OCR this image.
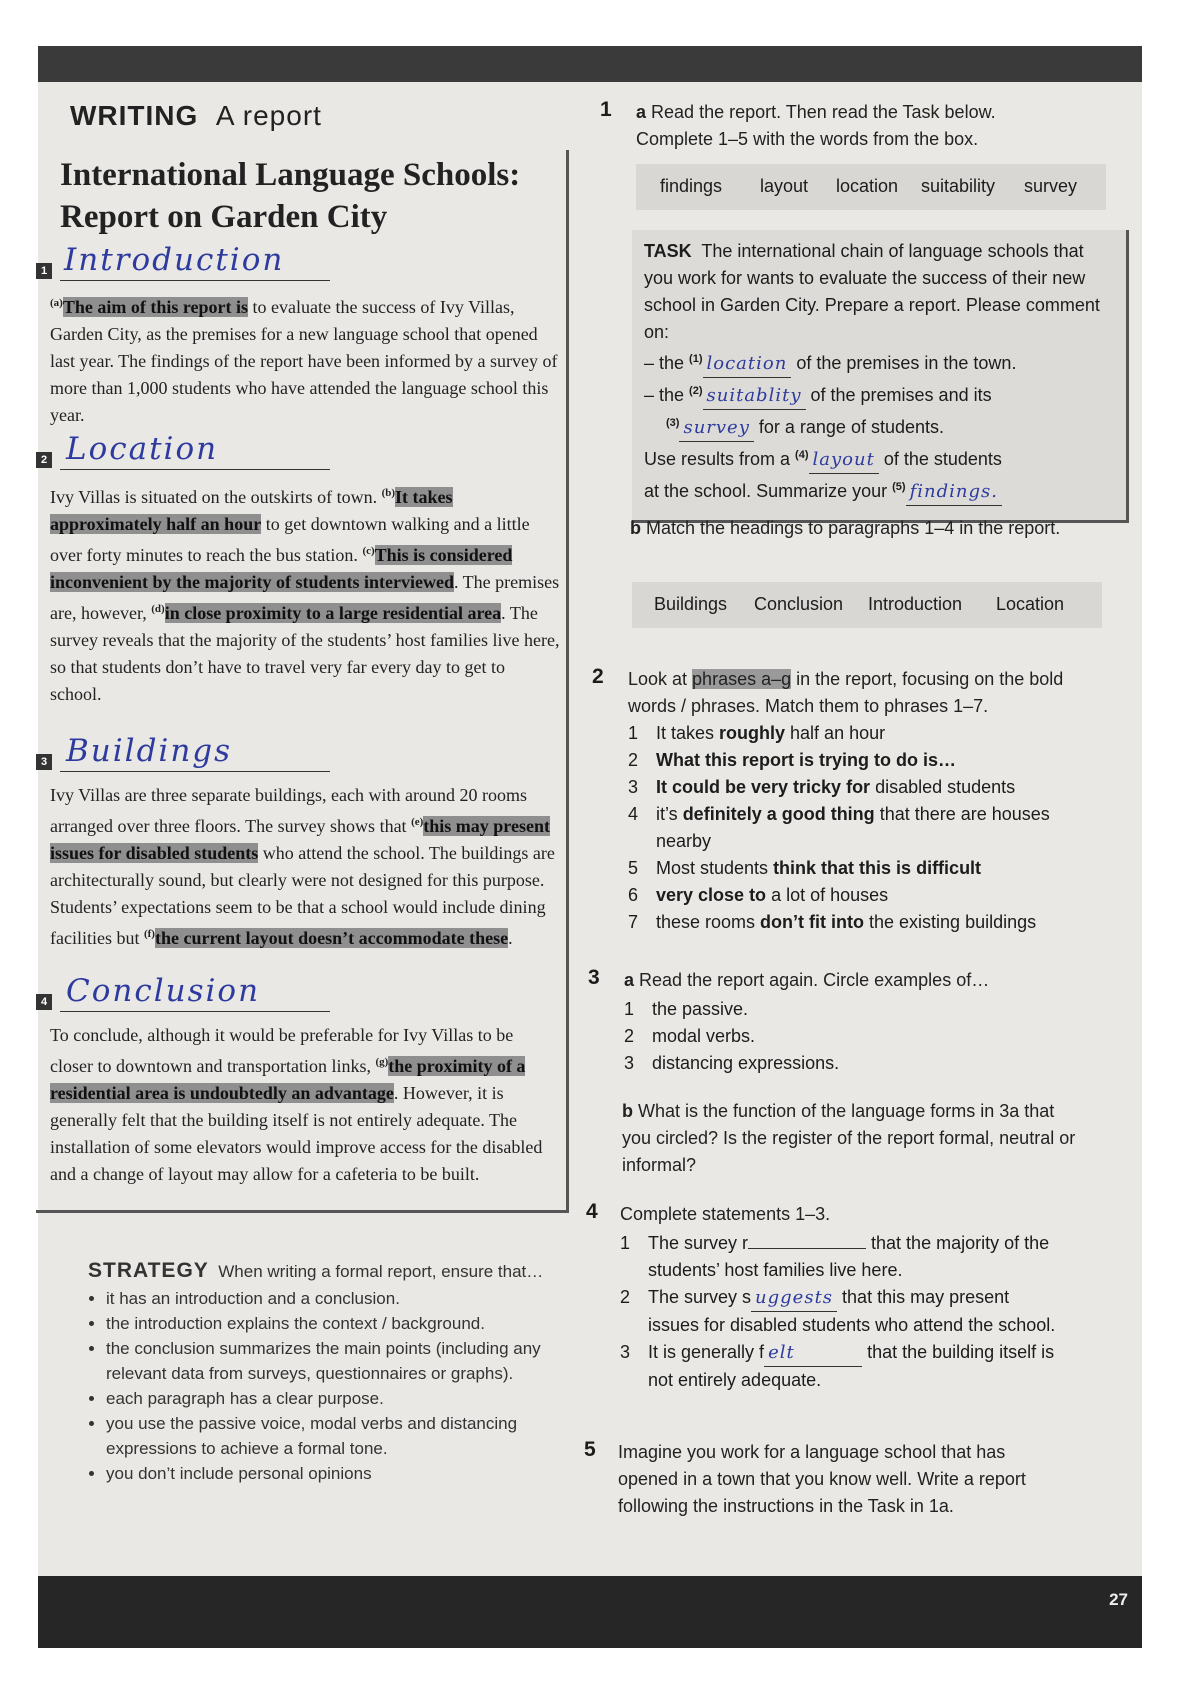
WRITING A report
International Language Schools:
Report on Garden City
1 Introduction
$^{(a)}$The aim of this report is to evaluate the success of Ivy Villas, Garden City, as the premises for a new language school that opened last year. The findings of the report have been informed by a survey of more than 1,000 students who have attended the language school this year.
2 Location
Ivy Villas is situated on the outskirts of town. $^{(b)}$It takes approximately half an hour to get downtown walking and a little over forty minutes to reach the bus station. $^{(c)}$This is considered inconvenient by the majority of students interviewed. The premises are, however, $^{(d)}$in close proximity to a large residential area. The survey reveals that the majority of the students’ host families live here, so that students don’t have to travel very far every day to get to school.
3 Buildings
Ivy Villas are three separate buildings, each with around 20 rooms arranged over three floors. The survey shows that $^{(e)}$this may present issues for disabled students who attend the school. The buildings are architecturally sound, but clearly were not designed for this purpose. Students’ expectations seem to be that a school would include dining facilities but $^{(f)}$the current layout doesn’t accommodate these.
4 Conclusion
To conclude, although it would be preferable for Ivy Villas to be closer to downtown and transportation links, $^{(g)}$the proximity of a residential area is undoubtedly an advantage. However, it is generally felt that the building itself is not entirely adequate. The installation of some elevators would improve access for the disabled and a change of layout may allow for a cafeteria to be built.
STRATEGY When writing a formal report, ensure that…
• it has an introduction and a conclusion.
• the introduction explains the context / background.
• the conclusion summarizes the main points (including any relevant data from surveys, questionnaires or graphs).
• each paragraph has a clear purpose.
• you use the passive voice, modal verbs and distancing expressions to achieve a formal tone.
• you don’t include personal opinions
1 a Read the report. Then read the Task below. Complete 1–5 with the words from the box.
findings layout location suitability survey
TASK The international chain of language schools that you work for wants to evaluate the success of their new school in Garden City. Prepare a report. Please comment on:
– the $^{(1)}$ location of the premises in the town.
– the $^{(2)}$ suitablity of the premises and its
$^{(3)}$ survey for a range of students.
Use results from a $^{(4)}$ layout of the students
at the school. Summarize your $^{(5)}$ findings.
b Match the headings to paragraphs 1–4 in the report.
Buildings Conclusion Introduction Location
2 Look at phrases a–g in the report, focusing on the bold words / phrases. Match them to phrases 1–7.
1 It takes roughly half an hour
2 What this report is trying to do is…
3 It could be very tricky for disabled students
4 it’s definitely a good thing that there are houses nearby
5 Most students think that this is difficult
6 very close to a lot of houses
7 these rooms don’t fit into the existing buildings
3 a Read the report again. Circle examples of…
1 the passive.
2 modal verbs.
3 distancing expressions.
b What is the function of the language forms in 3a that you circled? Is the register of the report formal, neutral or informal?
4 Complete statements 1–3.
1 The survey r	that the majority of the students’ host families live here.
2 The survey s uggests that this may present issues for disabled students who attend the school.
3 It is generally f elt	that the building itself is not entirely adequate.
5 Imagine you work for a language school that has opened in a town that you know well. Write a report following the instructions in the Task in 1a.
27
